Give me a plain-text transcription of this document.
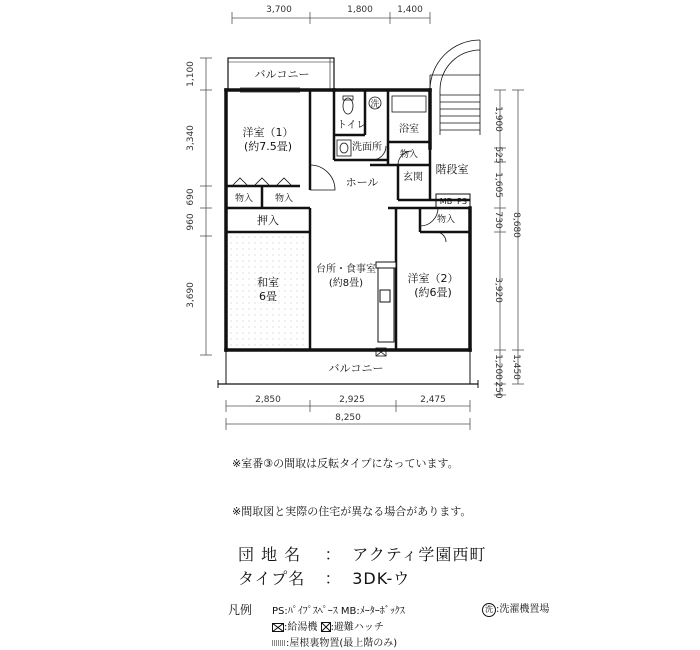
3,700	1,800	1,400
1,100
3,340
690
960
3,690
1,900
525
1,605
730
3,920
1,200
250
8,680
1,450
バルコニー
バルコニー
2,850	2,925	2,475
8,250
洋室（1）
(約7.5畳)
トイレ
洗
洗面所
浴室
物入
階段室
玄関
ホール
物入 物入	MB PS
物入
押入
和室
6畳
台所・食事室
(約8畳)	洋室（2）
(約6畳)
※室番③の間取は反転タイプになっています。
※間取図と実際の住宅が異なる場合があります。
団 地 名 ： アクティ学園西町
タイプ名 ： 3DK-ウ
凡例 PS:ﾊﾟｲﾌﾟｽﾍﾟｰｽ MB:ﾒｰﾀｰﾎﾞｯｸｽ	洗 :洗濯機置場
:給湯機 :避難ハッチ
:屋根裏物置(最上階のみ)
